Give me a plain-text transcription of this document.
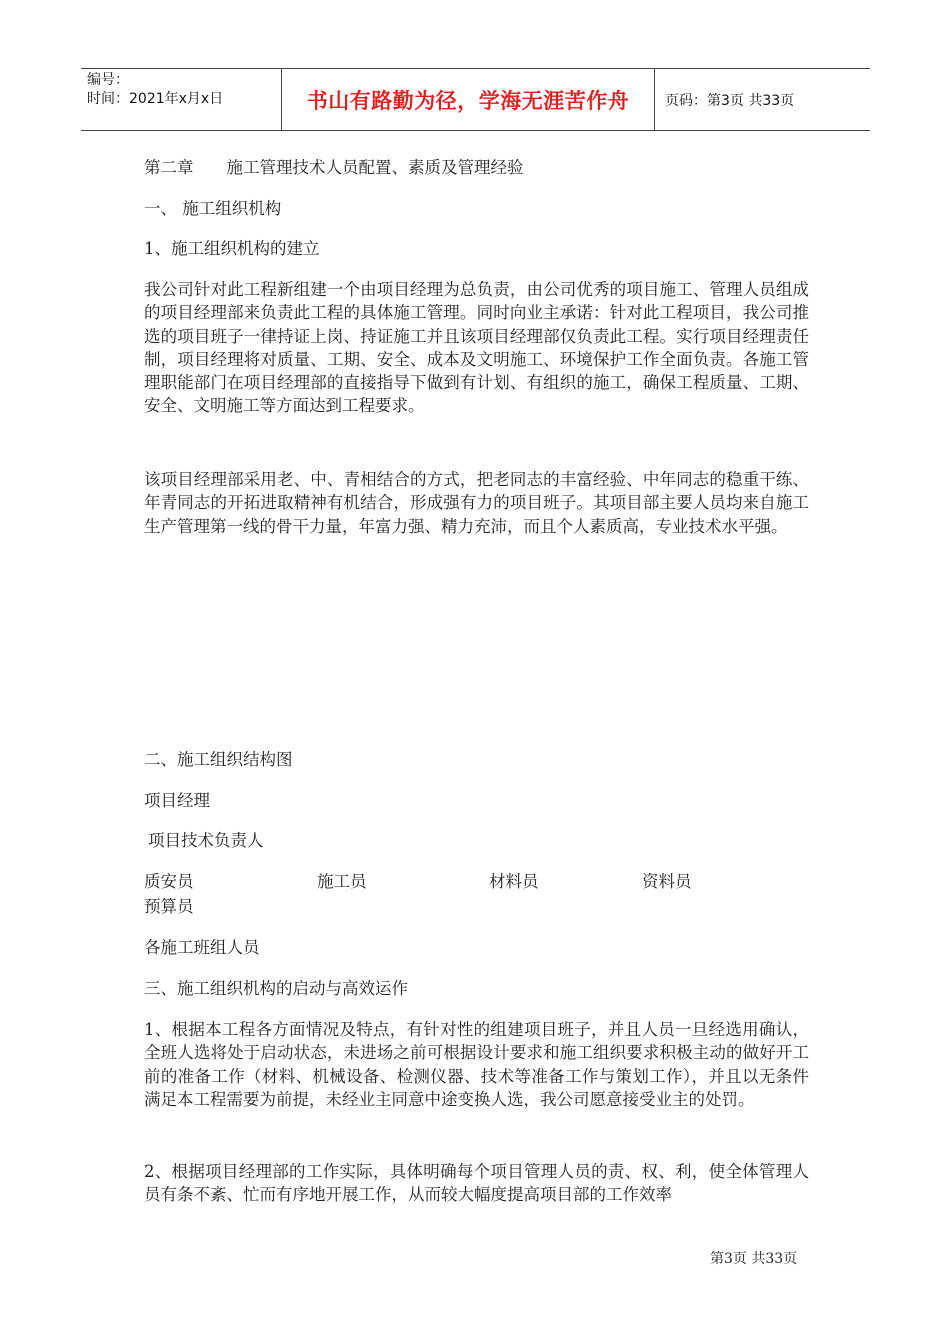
编号：
时间：2021年x月x日	书山有路勤为径，学海无涯苦作舟	页码：第3页 共33页
第二章　　施工管理技术人员配置、素质及管理经验
一、 施工组织机构
1、施工组织机构的建立
我公司针对此工程新组建一个由项目经理为总负责，由公司优秀的项目施工、管理人员组成的项目经理部来负责此工程的具体施工管理。同时向业主承诺：针对此工程项目，我公司推选的项目班子一律持证上岗、持证施工并且该项目经理部仅负责此工程。实行项目经理责任制，项目经理将对质量、工期、安全、成本及文明施工、环境保护工作全面负责。各施工管理职能部门在项目经理部的直接指导下做到有计划、有组织的施工，确保工程质量、工期、安全、文明施工等方面达到工程要求。
该项目经理部采用老、中、青相结合的方式，把老同志的丰富经验、中年同志的稳重干练、年青同志的开拓进取精神有机结合，形成强有力的项目班子。其项目部主要人员均来自施工生产管理第一线的骨干力量，年富力强、精力充沛，而且个人素质高，专业技术水平强。
二、施工组织结构图
项目经理
项目技术负责人
质安员	施工员	材料员	资料员
预算员
各施工班组人员
三、施工组织机构的启动与高效运作
1、根据本工程各方面情况及特点，有针对性的组建项目班子，并且人员一旦经选用确认，全班人选将处于启动状态，未进场之前可根据设计要求和施工组织要求积极主动的做好开工前的准备工作（材料、机械设备、检测仪器、技术等准备工作与策划工作），并且以无条件满足本工程需要为前提，未经业主同意中途变换人选，我公司愿意接受业主的处罚。
2、根据项目经理部的工作实际，具体明确每个项目管理人员的责、权、利，使全体管理人员有条不紊、忙而有序地开展工作，从而较大幅度提高项目部的工作效率
第3页 共33页
